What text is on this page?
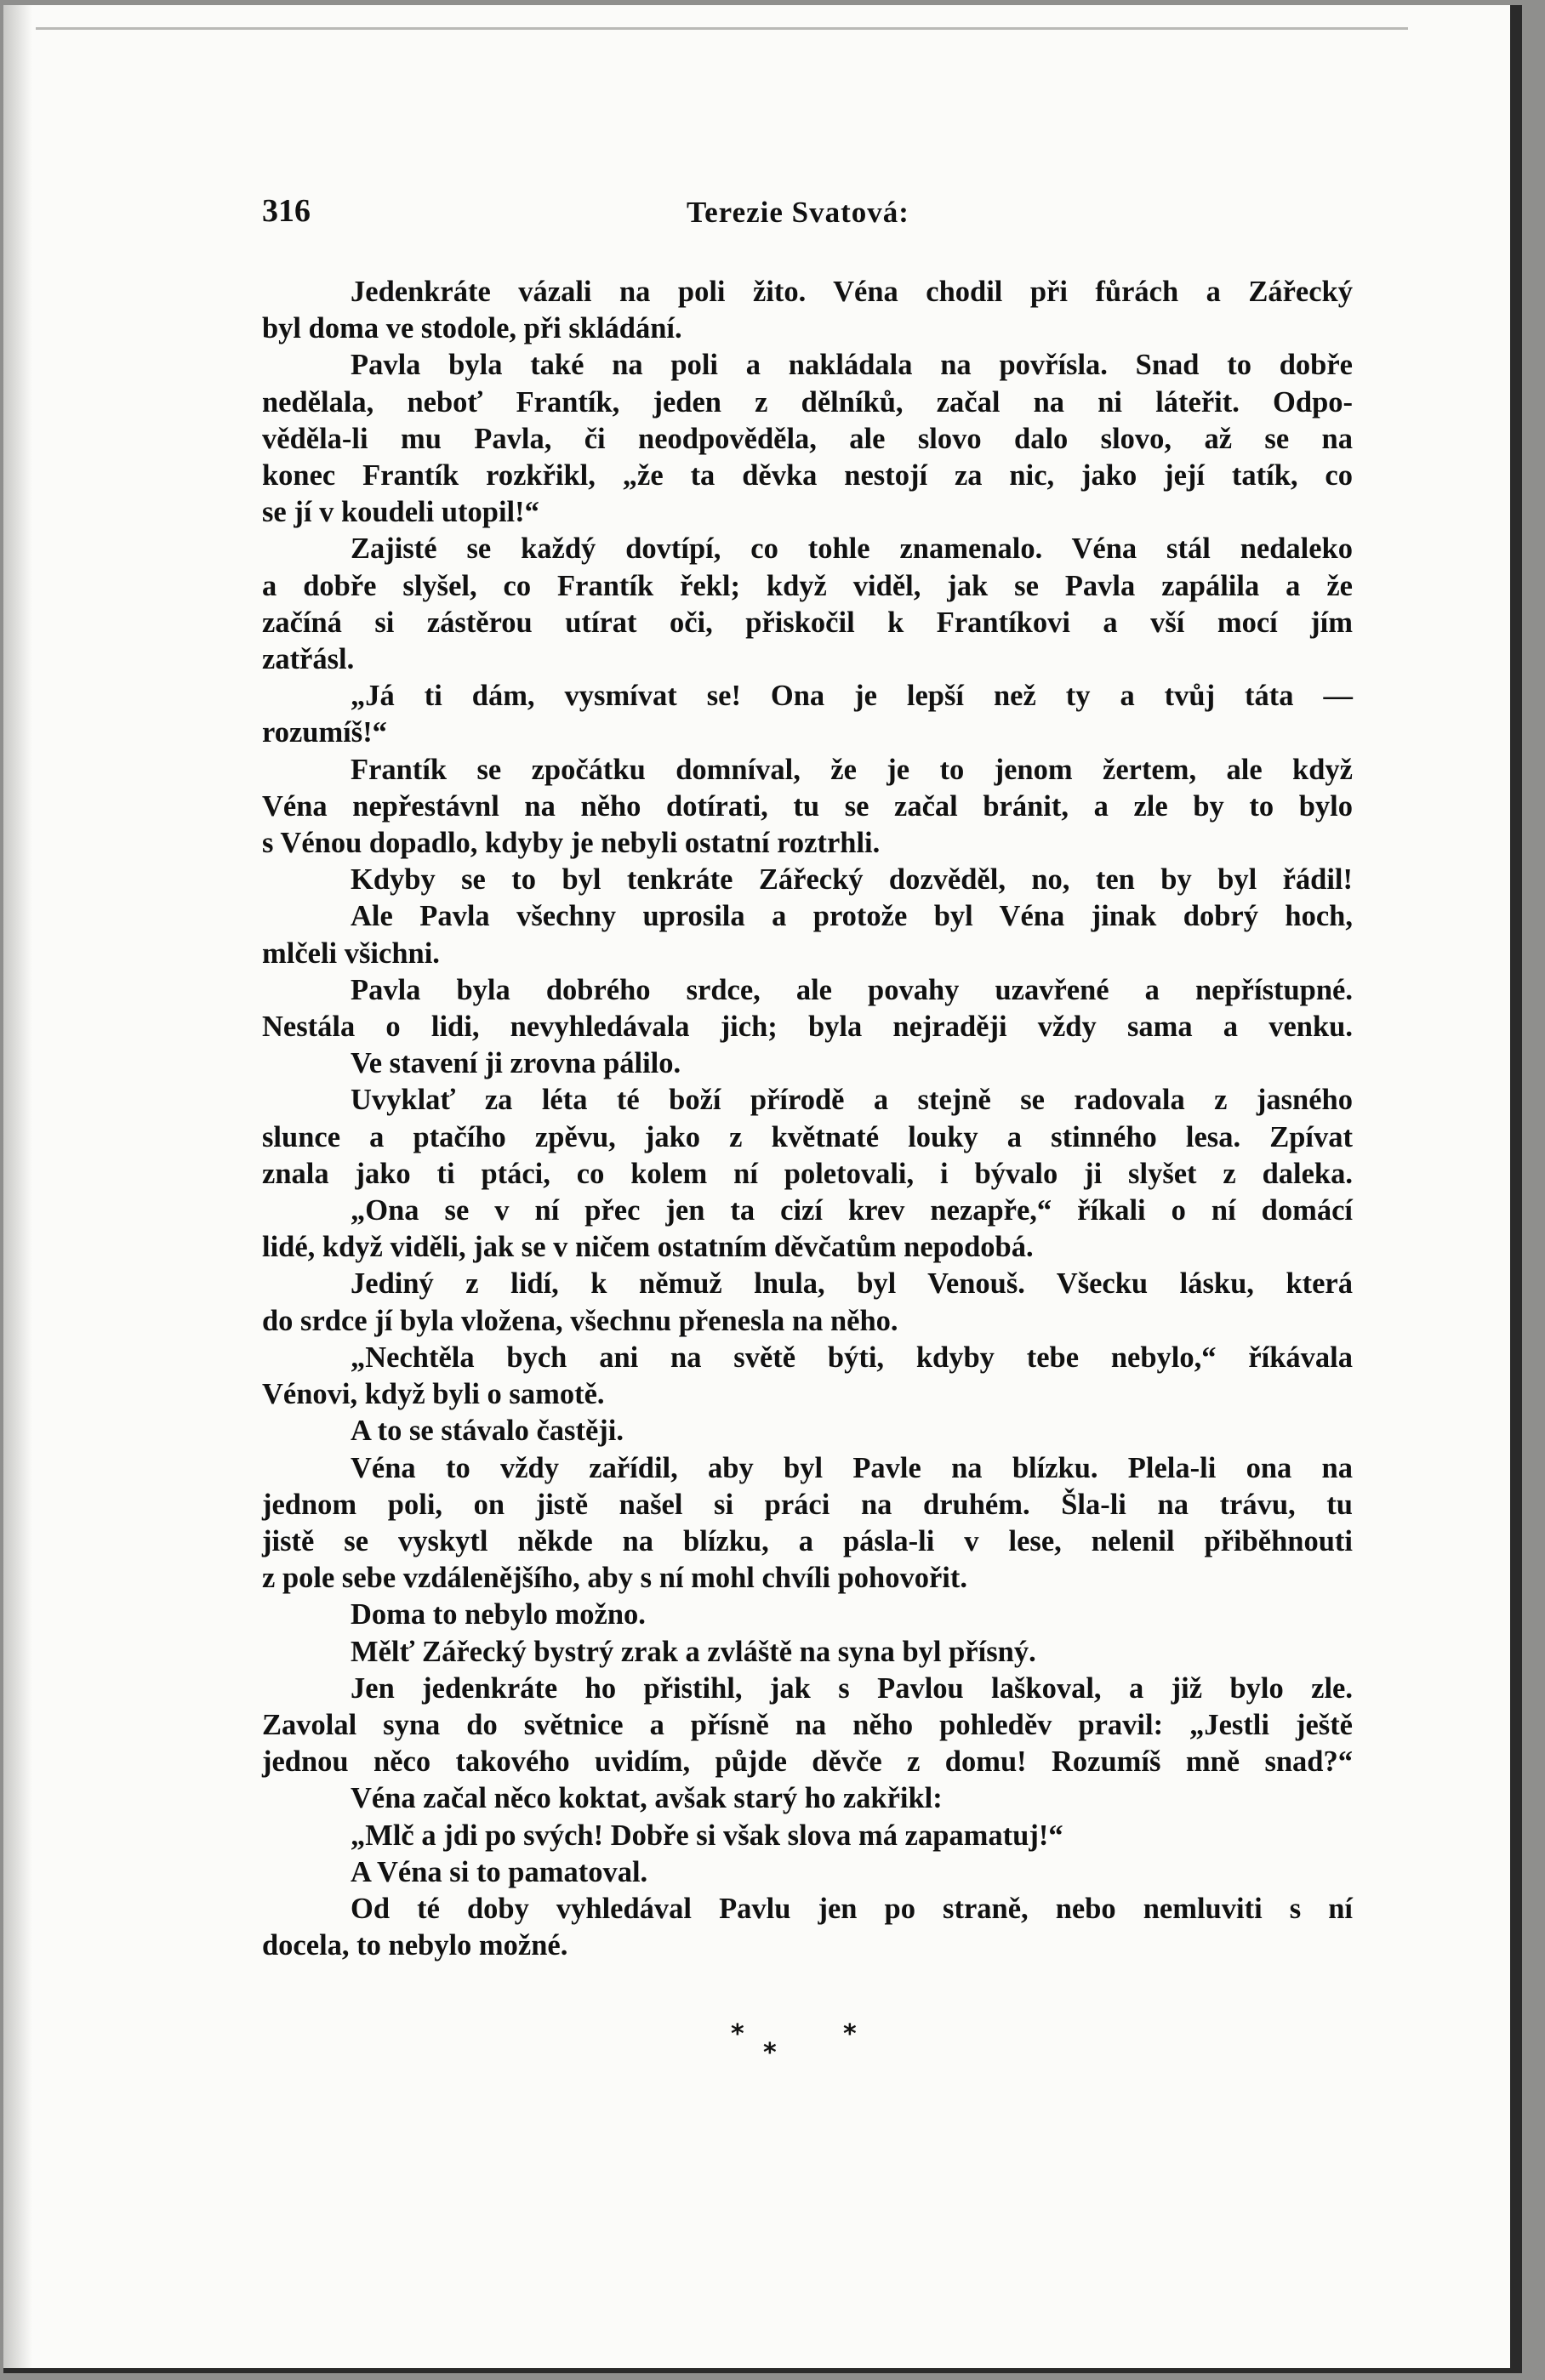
316	Terezie Svatová:
Jedenkráte vázali na poli žito. Véna chodil při fůrách a Zářecký
byl doma ve stodole, při skládání.
Pavla byla také na poli a nakládala na povřísla. Snad to dobře
nedělala, neboť Frantík, jeden z dělníků, začal na ni láteřit. Odpo-
věděla-li mu Pavla, či neodpověděla, ale slovo dalo slovo, až se na
konec Frantík rozkřikl, „že ta děvka nestojí za nic, jako její tatík, co
se jí v koudeli utopil!“
Zajisté se každý dovtípí, co tohle znamenalo. Véna stál nedaleko
a dobře slyšel, co Frantík řekl; když viděl, jak se Pavla zapálila a že
začíná si zástěrou utírat oči, přiskočil k Frantíkovi a vší mocí jím
zatřásl.
„Já ti dám, vysmívat se! Ona je lepší než ty a tvůj táta —
rozumíš!“
Frantík se zpočátku domníval, že je to jenom žertem, ale když
Véna nepřestávnl na něho dotírati, tu se začal bránit, a zle by to bylo
s Vénou dopadlo, kdyby je nebyli ostatní roztrhli.
Kdyby se to byl tenkráte Zářecký dozvěděl, no, ten by byl řádil!
Ale Pavla všechny uprosila a protože byl Véna jinak dobrý hoch,
mlčeli všichni.
Pavla byla dobrého srdce, ale povahy uzavřené a nepřístupné.
Nestála o lidi, nevyhledávala jich; byla nejraději vždy sama a venku.
Ve stavení ji zrovna pálilo.
Uvyklať za léta té boží přírodě a stejně se radovala z jasného
slunce a ptačího zpěvu, jako z květnaté louky a stinného lesa. Zpívat
znala jako ti ptáci, co kolem ní poletovali, i bývalo ji slyšet z daleka.
„Ona se v ní přec jen ta cizí krev nezapře,“ říkali o ní domácí
lidé, když viděli, jak se v ničem ostatním děvčatům nepodobá.
Jediný z lidí, k němuž lnula, byl Venouš. Všecku lásku, která
do srdce jí byla vložena, všechnu přenesla na něho.
„Nechtěla bych ani na světě býti, kdyby tebe nebylo,“ říkávala
Vénovi, když byli o samotě.
A to se stávalo častěji.
Véna to vždy zařídil, aby byl Pavle na blízku. Plela-li ona na
jednom poli, on jistě našel si práci na druhém. Šla-li na trávu, tu
jistě se vyskytl někde na blízku, a pásla-li v lese, nelenil přiběhnouti
z pole sebe vzdálenějšího, aby s ní mohl chvíli pohovořit.
Doma to nebylo možno.
Mělť Zářecký bystrý zrak a zvláště na syna byl přísný.
Jen jedenkráte ho přistihl, jak s Pavlou laškoval, a již bylo zle.
Zavolal syna do světnice a přísně na něho pohleděv pravil: „Jestli ještě
jednou něco takového uvidím, půjde děvče z domu! Rozumíš mně snad?“
Véna začal něco koktat, avšak starý ho zakřikl:
„Mlč a jdi po svých! Dobře si však slova má zapamatuj!“
A Véna si to pamatoval.
Od té doby vyhledával Pavlu jen po straně, nebo nemluviti s ní
docela, to nebylo možné.
*
*
*
